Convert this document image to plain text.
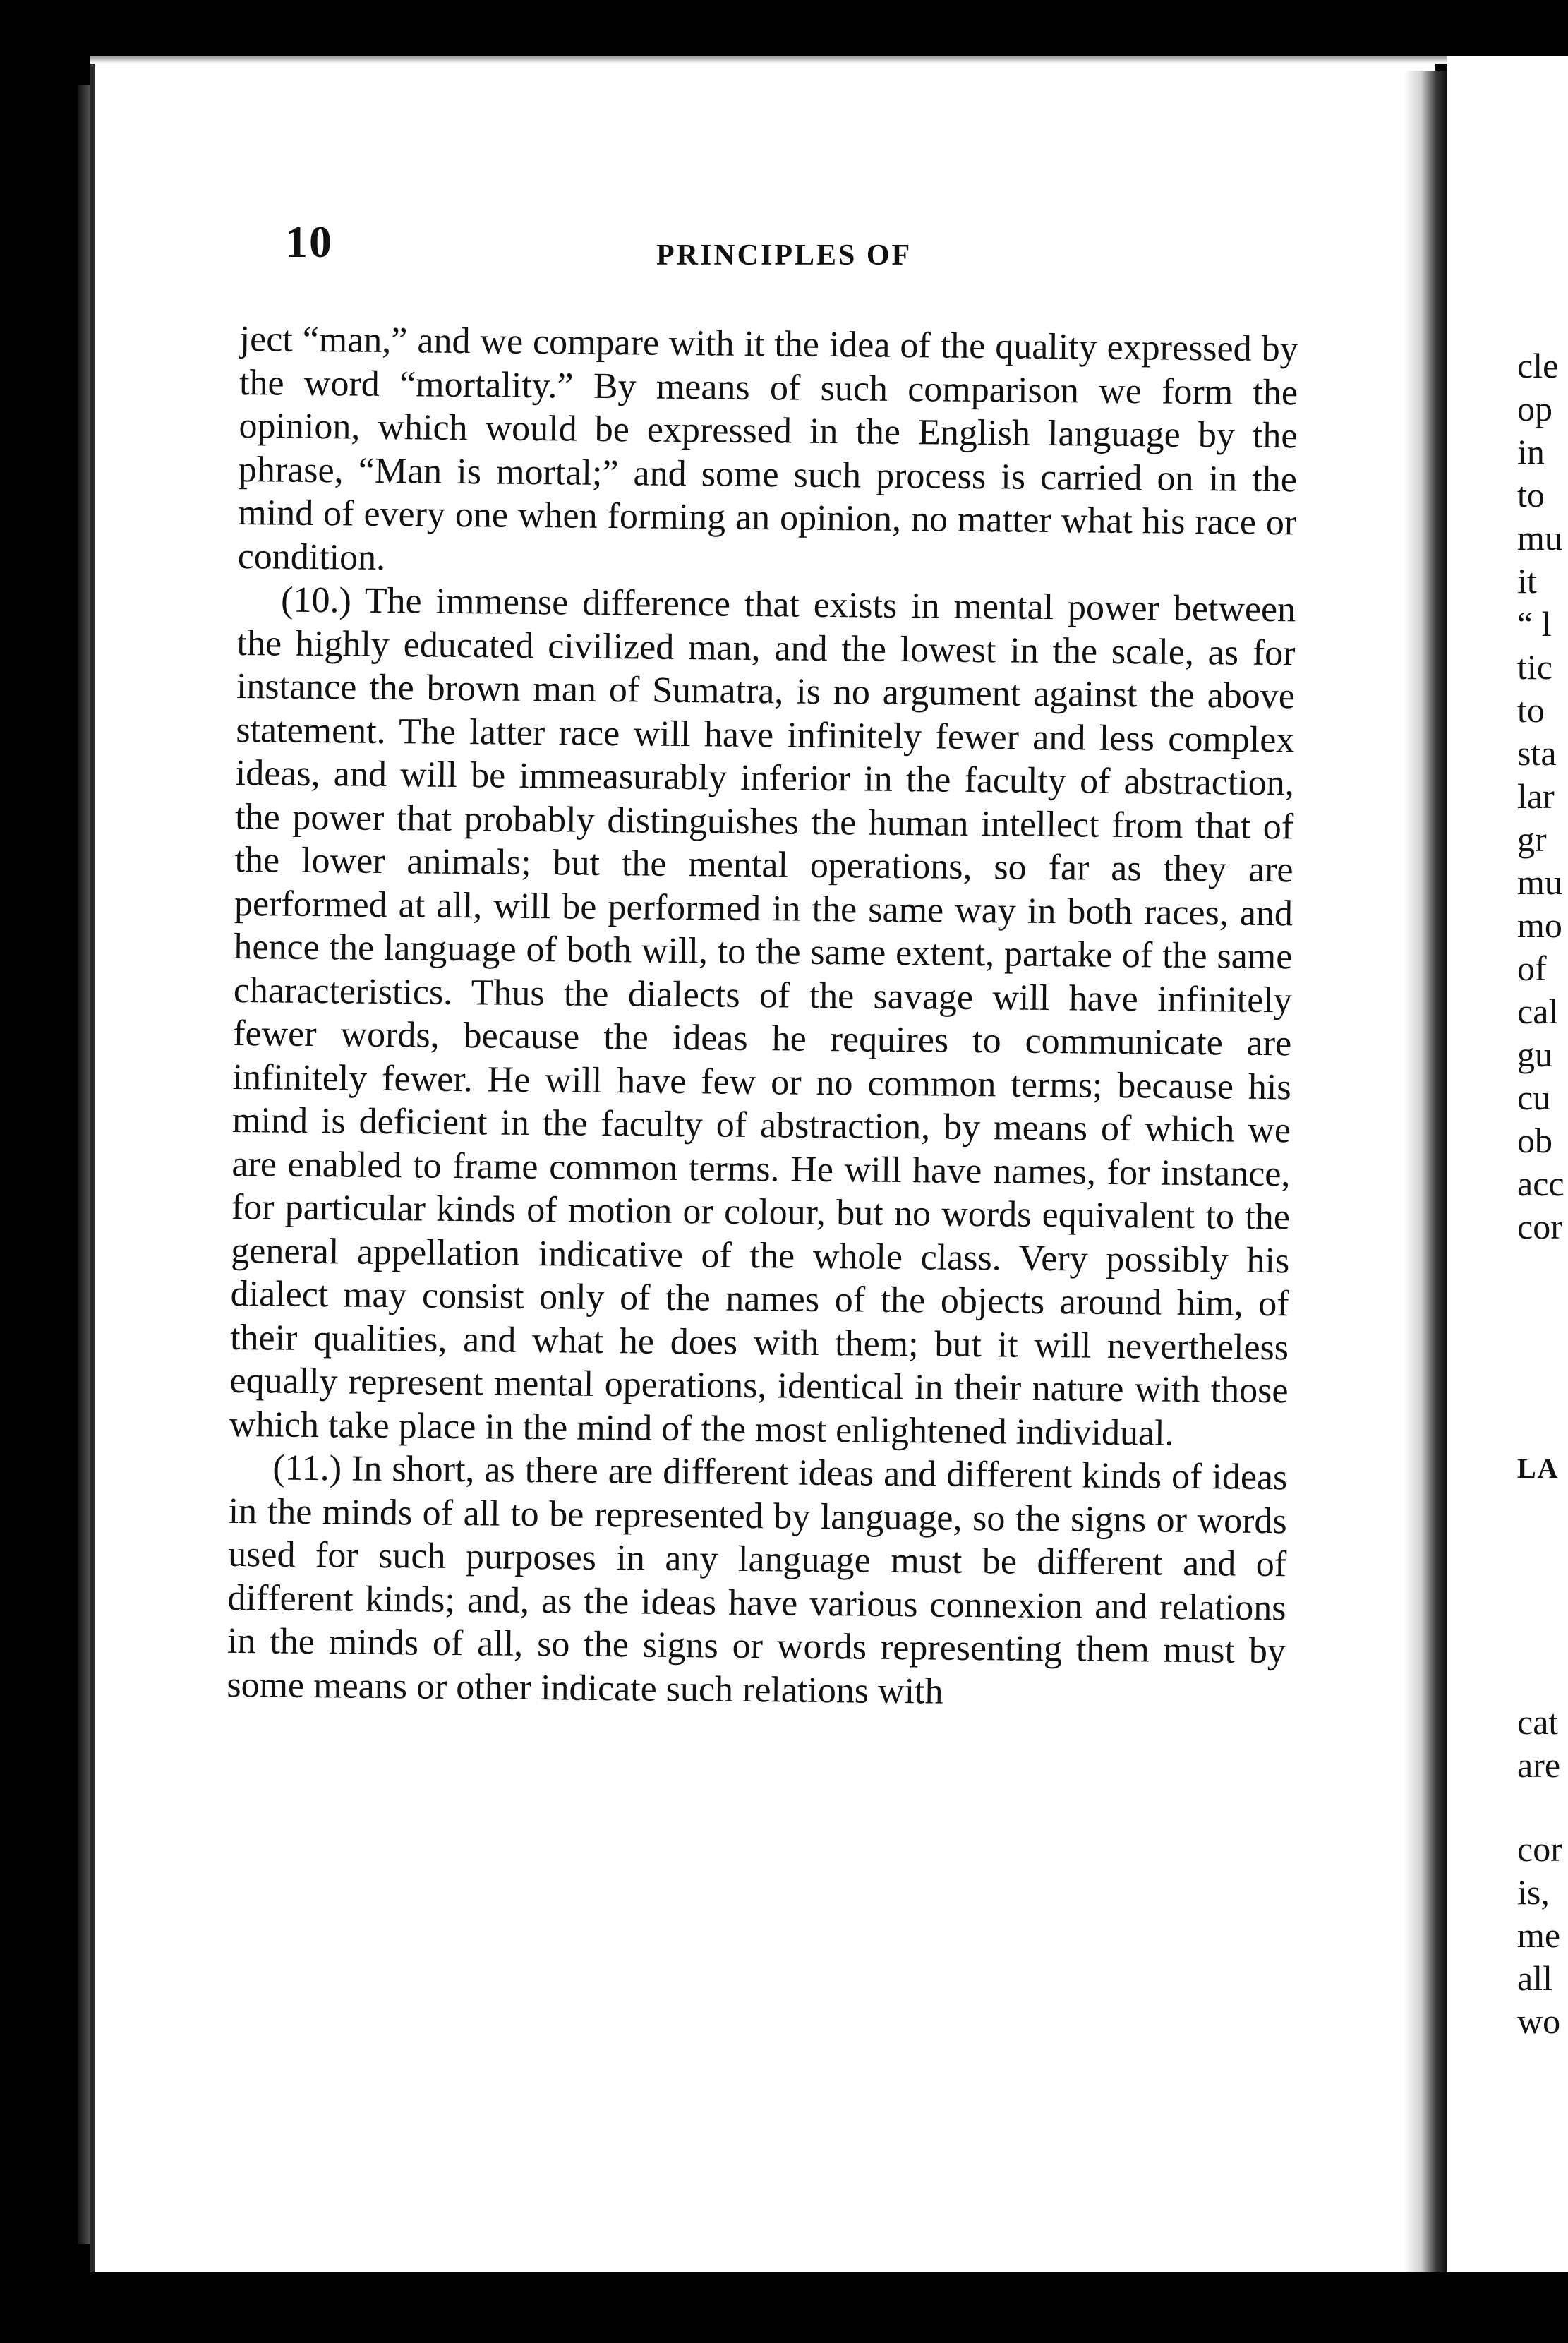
10	PRINCIPLES OF

ject “man,” and we compare with it the idea of the quality expressed by the word “mortality.” By means of such comparison we form the opinion, which would be expressed in the English language by the phrase, “Man is mortal;” and some such process is carried on in the mind of every one when forming an opinion, no matter what his race or condition.

(10.) The immense difference that exists in mental power between the highly educated civilized man, and the lowest in the scale, as for instance the brown man of Sumatra, is no argument against the above statement. The latter race will have infinitely fewer and less complex ideas, and will be immeasurably inferior in the faculty of abstraction, the power that probably distinguishes the human intellect from that of the lower animals; but the mental operations, so far as they are performed at all, will be performed in the same way in both races, and hence the language of both will, to the same extent, partake of the same characteristics. Thus the dialects of the savage will have infinitely fewer words, because the ideas he requires to communicate are infinitely fewer. He will have few or no common terms; because his mind is deficient in the faculty of abstraction, by means of which we are enabled to frame common terms. He will have names, for instance, for particular kinds of motion or colour, but no words equivalent to the general appellation indicative of the whole class. Very possibly his dialect may consist only of the names of the objects around him, of their qualities, and what he does with them; but it will nevertheless equally represent mental operations, identical in their nature with those which take place in the mind of the most enlightened individual.

(11.) In short, as there are different ideas and different kinds of ideas in the minds of all to be represented by language, so the signs or words used for such purposes in any language must be different and of different kinds; and, as the ideas have various connexion and relations in the minds of all, so the signs or words representing them must by some means or other indicate such relations with

cle
op
in
to
mu
it
“ l
tic
to
sta
lar
gr
mu
mo
of
cal
gu
cu
ob
acc
cor
LA
cat
are
cor
is,
me
all
wo
